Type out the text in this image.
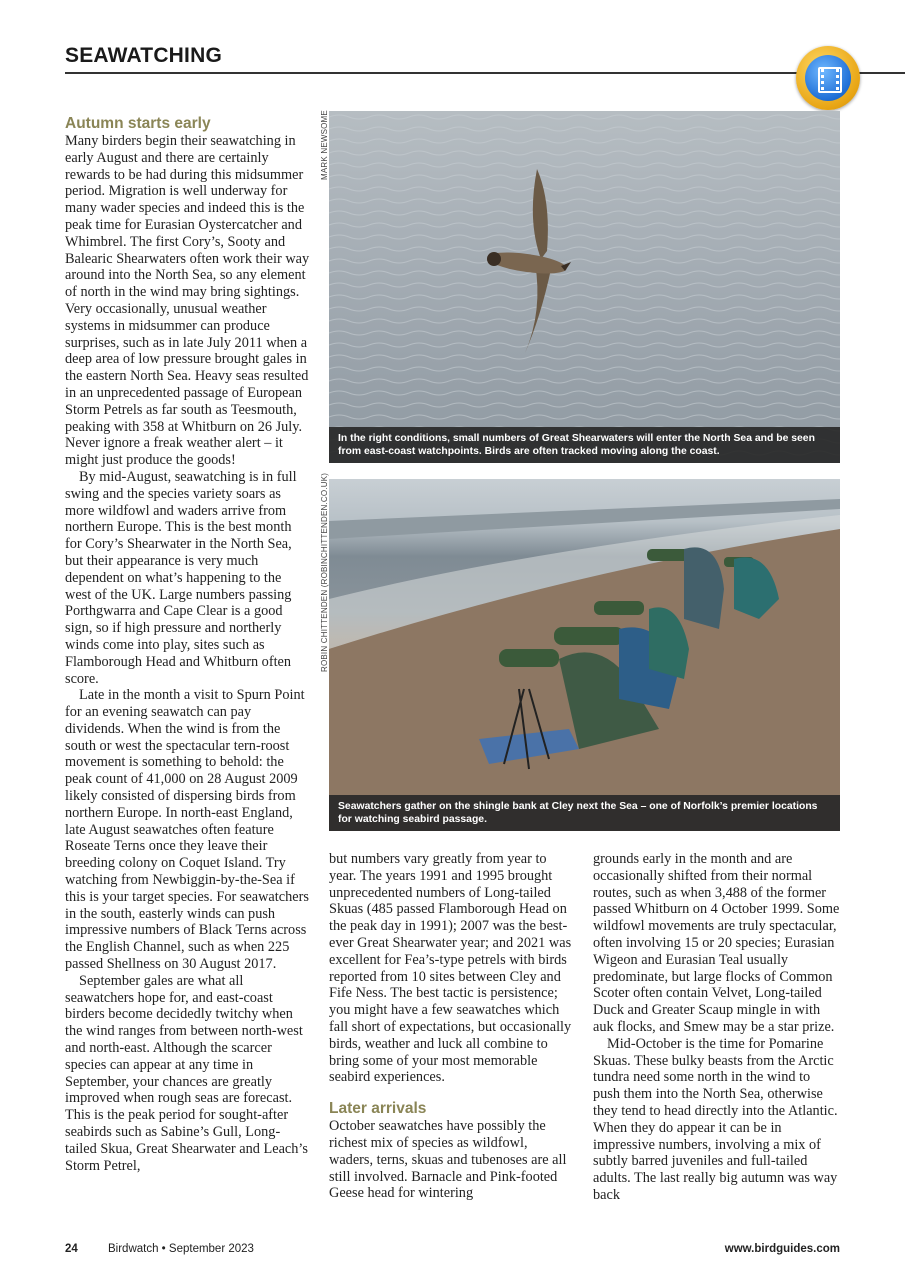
SEAWATCHING

Autumn starts early

Many birders begin their seawatching in early August and there are certainly rewards to be had during this midsummer period. Migration is well underway for many wader species and indeed this is the peak time for Eurasian Oystercatcher and Whimbrel. The first Cory’s, Sooty and Balearic Shearwaters often work their way around into the North Sea, so any element of north in the wind may bring sightings. Very occasionally, unusual weather systems in midsummer can produce surprises, such as in late July 2011 when a deep area of low pressure brought gales in the eastern North Sea. Heavy seas resulted in an unprecedented passage of European Storm Petrels as far south as Teesmouth, peaking with 358 at Whitburn on 26 July. Never ignore a freak weather alert – it might just produce the goods!

By mid-August, seawatching is in full swing and the species variety soars as more wildfowl and waders arrive from northern Europe. This is the best month for Cory’s Shearwater in the North Sea, but their appearance is very much dependent on what’s happening to the west of the UK. Large numbers passing Porthgwarra and Cape Clear is a good sign, so if high pressure and northerly winds come into play, sites such as Flamborough Head and Whitburn often score.

Late in the month a visit to Spurn Point for an evening seawatch can pay dividends. When the wind is from the south or west the spectacular tern-roost movement is something to behold: the peak count of 41,000 on 28 August 2009 likely consisted of dispersing birds from northern Europe. In north-east England, late August seawatches often feature Roseate Terns once they leave their breeding colony on Coquet Island. Try watching from Newbiggin-by-the-Sea if this is your target species. For seawatchers in the south, easterly winds can push impressive numbers of Black Terns across the English Channel, such as when 225 passed Shellness on 30 August 2017.

September gales are what all seawatchers hope for, and east-coast birders become decidedly twitchy when the wind ranges from between north-west and north-east. Although the scarcer species can appear at any time in September, your chances are greatly improved when rough seas are forecast. This is the peak period for sought-after seabirds such as Sabine’s Gull, Long-tailed Skua, Great Shearwater and Leach’s Storm Petrel,

MARK NEWSOME
In the right conditions, small numbers of Great Shearwaters will enter the North Sea and be seen from east-coast watchpoints. Birds are often tracked moving along the coast.
ROBIN CHITTENDEN (ROBINCHITTENDEN.CO.UK)
Seawatchers gather on the shingle bank at Cley next the Sea – one of Norfolk’s premier locations for watching seabird passage.

but numbers vary greatly from year to year. The years 1991 and 1995 brought unprecedented numbers of Long-tailed Skuas (485 passed Flamborough Head on the peak day in 1991); 2007 was the best-ever Great Shearwater year; and 2021 was excellent for Fea’s-type petrels with birds reported from 10 sites between Cley and Fife Ness. The best tactic is persistence; you might have a few seawatches which fall short of expectations, but occasionally birds, weather and luck all combine to bring some of your most memorable seabird experiences.

Later arrivals

October seawatches have possibly the richest mix of species as wildfowl, waders, terns, skuas and tubenoses are all still involved. Barnacle and Pink-footed Geese head for wintering

grounds early in the month and are occasionally shifted from their normal routes, such as when 3,488 of the former passed Whitburn on 4 October 1999. Some wildfowl movements are truly spectacular, often involving 15 or 20 species; Eurasian Wigeon and Eurasian Teal usually predominate, but large flocks of Common Scoter often contain Velvet, Long-tailed Duck and Greater Scaup mingle in with auk flocks, and Smew may be a star prize.

Mid-October is the time for Pomarine Skuas. These bulky beasts from the Arctic tundra need some north in the wind to push them into the North Sea, otherwise they tend to head directly into the Atlantic. When they do appear it can be in impressive numbers, involving a mix of subtly barred juveniles and full-tailed adults. The last really big autumn was way back

24	Birdwatch • September 2023	www.birdguides.com
